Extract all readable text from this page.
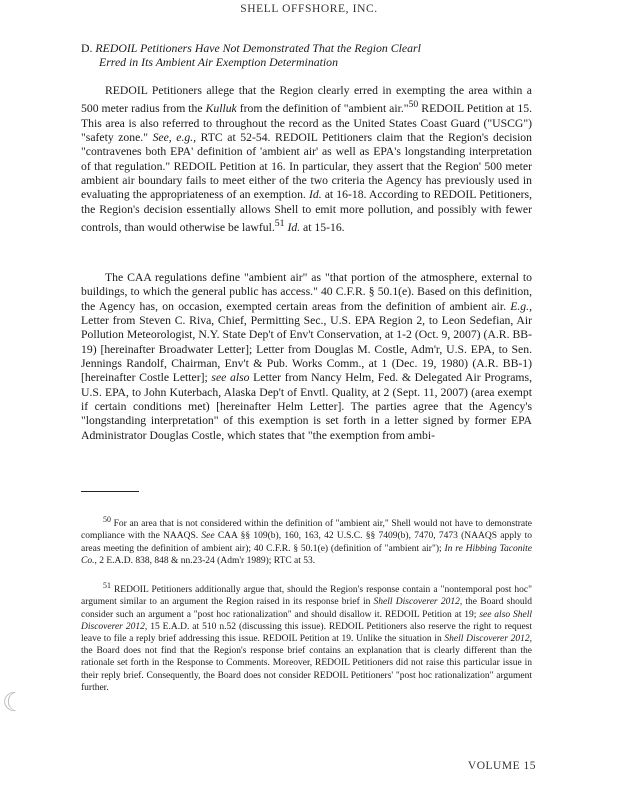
SHELL OFFSHORE, INC.
D. REDOIL Petitioners Have Not Demonstrated That the Region Clearl
Erred in Its Ambient Air Exemption Determination

REDOIL Petitioners allege that the Region clearly erred in exempting the area within a 500 meter radius from the Kulluk from the definition of "ambient air."$^{50}$ REDOIL Petition at 15. This area is also referred to throughout the record as the United States Coast Guard ("USCG") "safety zone." See, e.g., RTC at 52-54. REDOIL Petitioners claim that the Region's decision "contravenes both EPA' definition of 'ambient air' as well as EPA's longstanding interpretation of that regulation." REDOIL Petition at 16. In particular, they assert that the Region' 500 meter ambient air boundary fails to meet either of the two criteria the Agency has previously used in evaluating the appropriateness of an exemption. Id. at 16-18. According to REDOIL Petitioners, the Region's decision essentially allows Shell to emit more pollution, and possibly with fewer controls, than would otherwise be lawful.$^{51}$ Id. at 15-16.

The CAA regulations define "ambient air" as "that portion of the atmosphere, external to buildings, to which the general public has access." 40 C.F.R. § 50.1(e). Based on this definition, the Agency has, on occasion, exempted certain areas from the definition of ambient air. E.g., Letter from Steven C. Riva, Chief, Permitting Sec., U.S. EPA Region 2, to Leon Sedefian, Air Pollution Meteorologist, N.Y. State Dep't of Env't Conservation, at 1-2 (Oct. 9, 2007) (A.R. BB-19) [hereinafter Broadwater Letter]; Letter from Douglas M. Costle, Adm'r, U.S. EPA, to Sen. Jennings Randolf, Chairman, Env't & Pub. Works Comm., at 1 (Dec. 19, 1980) (A.R. BB-1) [hereinafter Costle Letter]; see also Letter from Nancy Helm, Fed. & Delegated Air Programs, U.S. EPA, to John Kuterbach, Alaska Dep't of Envtl. Quality, at 2 (Sept. 11, 2007) (area exempt if certain conditions met) [hereinafter Helm Letter]. The parties agree that the Agency's "longstanding interpretation" of this exemption is set forth in a letter signed by former EPA Administrator Douglas Costle, which states that "the exemption from ambi-

$^{50}$ For an area that is not considered within the definition of "ambient air," Shell would not have to demonstrate compliance with the NAAQS. See CAA §§ 109(b), 160, 163, 42 U.S.C. §§ 7409(b), 7470, 7473 (NAAQS apply to areas meeting the definition of ambient air); 40 C.F.R. § 50.1(e) (definition of "ambient air"); In re Hibbing Taconite Co., 2 E.A.D. 838, 848 & nn.23-24 (Adm'r 1989); RTC at 53.

$^{51}$ REDOIL Petitioners additionally argue that, should the Region's response contain a "nontemporal post hoc" argument similar to an argument the Region raised in its response brief in Shell Discoverer 2012, the Board should consider such an argument a "post hoc rationalization" and should disallow it. REDOIL Petition at 19; see also Shell Discoverer 2012, 15 E.A.D. at 510 n.52 (discussing this issue). REDOIL Petitioners also reserve the right to request leave to file a reply brief addressing this issue. REDOIL Petition at 19. Unlike the situation in Shell Discoverer 2012, the Board does not find that the Region's response brief contains an explanation that is clearly different than the rationale set forth in the Response to Comments. Moreover, REDOIL Petitioners did not raise this particular issue in their reply brief. Consequently, the Board does not consider REDOIL Petitioners' "post hoc rationalization" argument further.

☾
VOLUME 15
